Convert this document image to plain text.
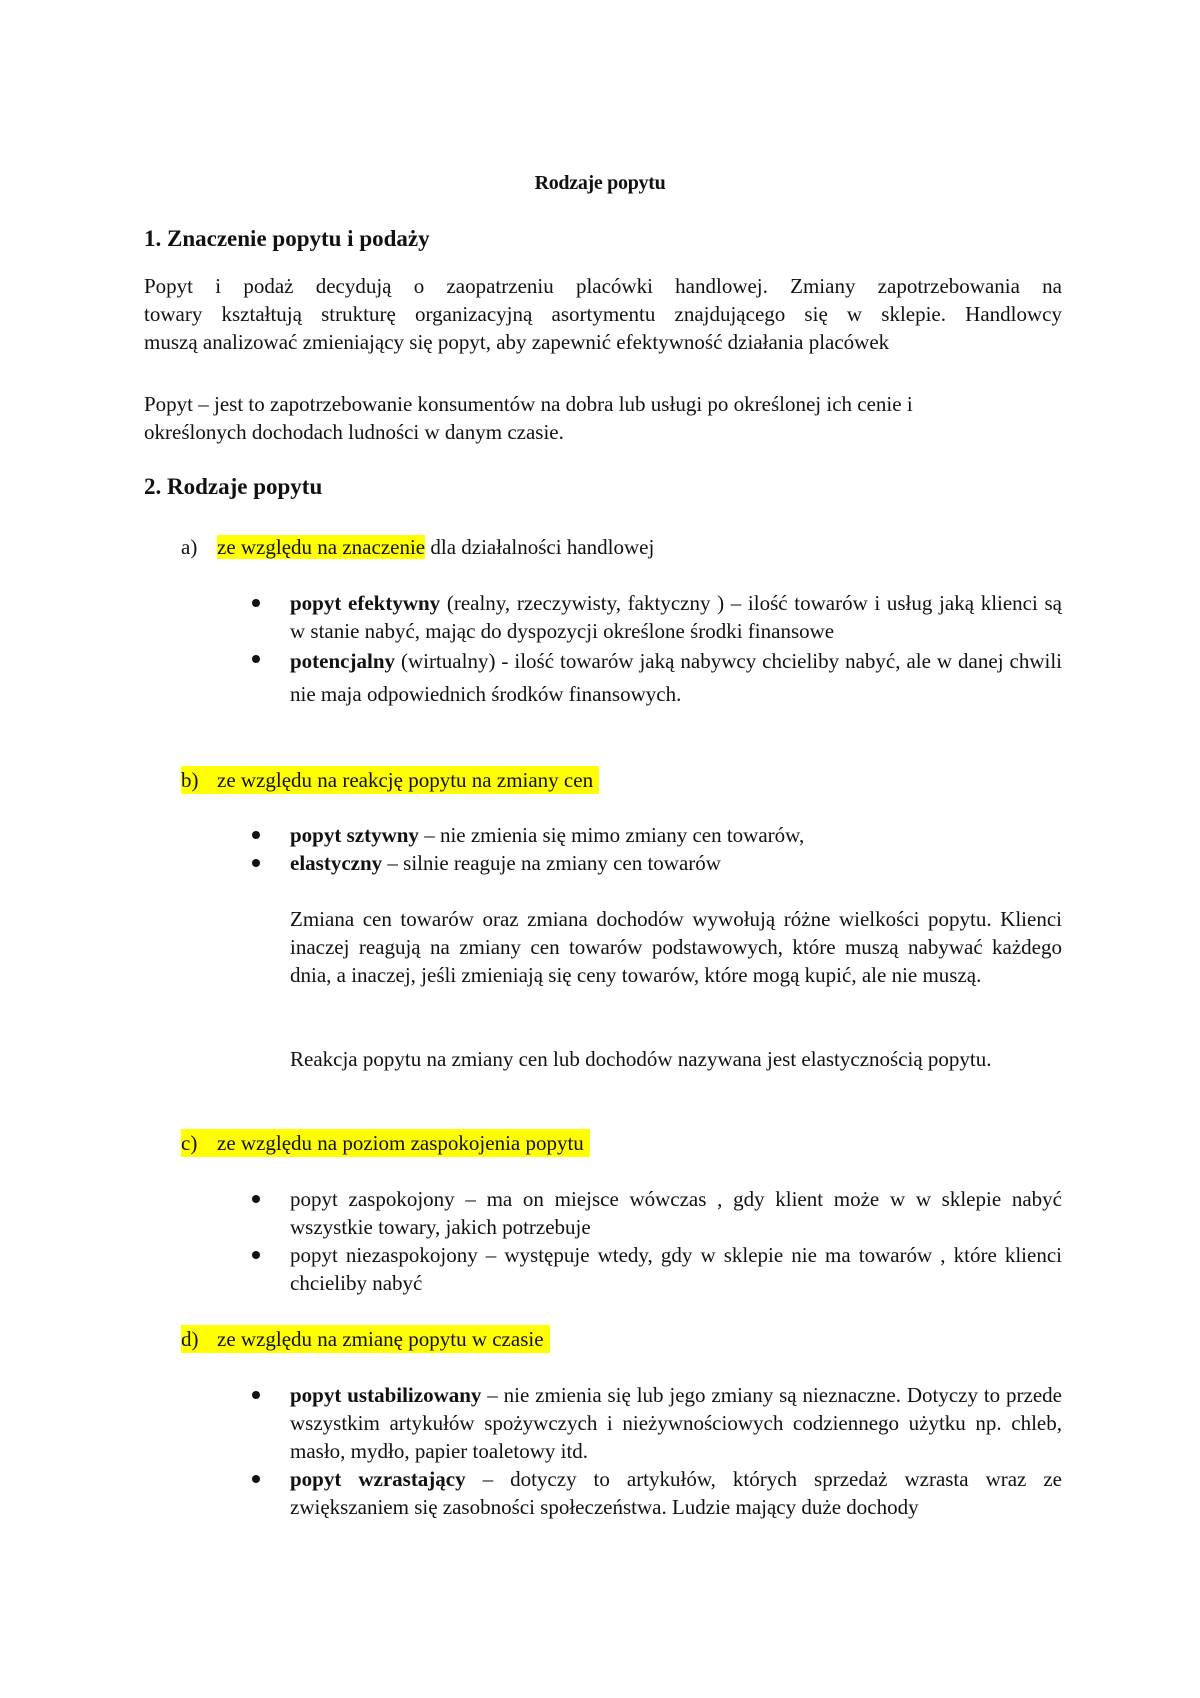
Rodzaje popytu
1. Znaczenie popytu i podaży

Popyt i podaż decydują o zaopatrzeniu placówki handlowej. Zmiany zapotrzebowania na
towary kształtują strukturę organizacyjną asortymentu znajdującego się w sklepie. Handlowcy
muszą analizować zmieniający się popyt, aby zapewnić efektywność działania placówek

Popyt – jest to zapotrzebowanie konsumentów na dobra lub usługi po określonej ich cenie i
określonych dochodach ludności w danym czasie.

2. Rodzaje popytu

a) ze względu na znaczenie dla działalności handlowej

popyt efektywny (realny, rzeczywisty, faktyczny ) – ilość towarów i usług jaką klienci są w stanie nabyć, mając do dyspozycji określone środki finansowe
potencjalny (wirtualny) - ilość towarów jaką nabywcy chcieliby nabyć, ale w danej chwili nie maja odpowiednich środków finansowych.

b) ze względu na reakcję popytu na zmiany cen

popyt sztywny – nie zmienia się mimo zmiany cen towarów,
elastyczny – silnie reaguje na zmiany cen towarów

Zmiana cen towarów oraz zmiana dochodów wywołują różne wielkości popytu. Klienci inaczej reagują na zmiany cen towarów podstawowych, które muszą nabywać każdego dnia, a inaczej, jeśli zmieniają się ceny towarów, które mogą kupić, ale nie muszą.

Reakcja popytu na zmiany cen lub dochodów nazywana jest elastycznością popytu.

c) ze względu na poziom zaspokojenia popytu

popyt zaspokojony – ma on miejsce wówczas , gdy klient może w w sklepie nabyć wszystkie towary, jakich potrzebuje
popyt niezaspokojony – występuje wtedy, gdy w sklepie nie ma towarów , które klienci chcieliby nabyć

d) ze względu na zmianę popytu w czasie

popyt ustabilizowany – nie zmienia się lub jego zmiany są nieznaczne. Dotyczy to przede wszystkim artykułów spożywczych i nieżywnościowych codziennego użytku np. chleb, masło, mydło, papier toaletowy itd.
popyt wzrastający – dotyczy to artykułów, których sprzedaż wzrasta wraz ze zwiększaniem się zasobności społeczeństwa. Ludzie mający duże dochody
